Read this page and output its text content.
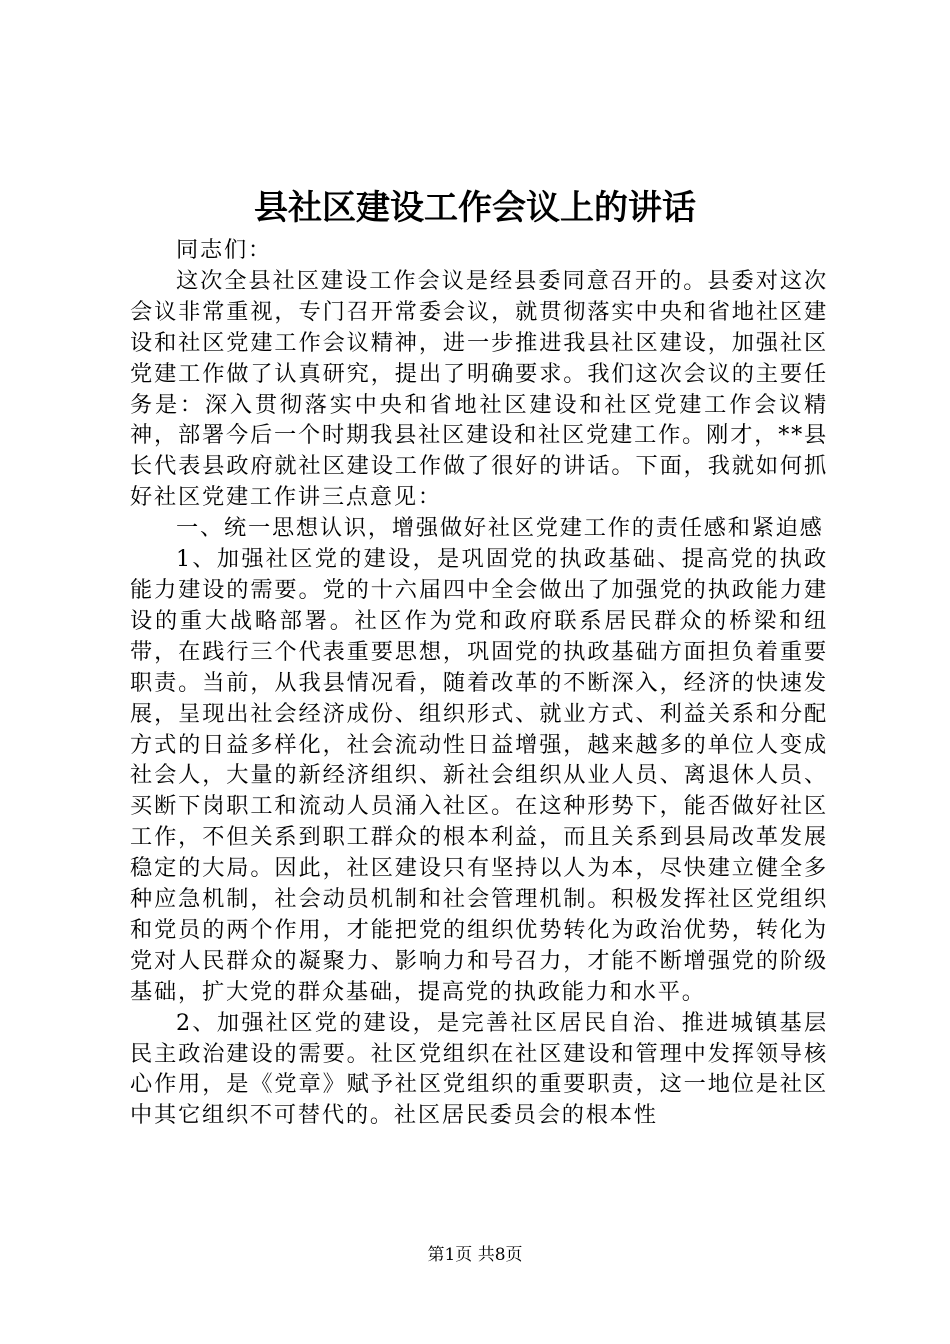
县社区建设工作会议上的讲话

同志们：

这次全县社区建设工作会议是经县委同意召开的。县委对这次会议非常重视，专门召开常委会议，就贯彻落实中央和省地社区建设和社区党建工作会议精神，进一步推进我县社区建设，加强社区党建工作做了认真研究，提出了明确要求。我们这次会议的主要任务是：深入贯彻落实中央和省地社区建设和社区党建工作会议精神，部署今后一个时期我县社区建设和社区党建工作。刚才，**县长代表县政府就社区建设工作做了很好的讲话。下面，我就如何抓好社区党建工作讲三点意见：

一、统一思想认识，增强做好社区党建工作的责任感和紧迫感

1、加强社区党的建设，是巩固党的执政基础、提高党的执政能力建设的需要。党的十六届四中全会做出了加强党的执政能力建设的重大战略部署。社区作为党和政府联系居民群众的桥梁和纽带，在践行三个代表重要思想，巩固党的执政基础方面担负着重要职责。当前，从我县情况看，随着改革的不断深入，经济的快速发展，呈现出社会经济成份、组织形式、就业方式、利益关系和分配方式的日益多样化，社会流动性日益增强，越来越多的单位人变成社会人，大量的新经济组织、新社会组织从业人员、离退休人员、买断下岗职工和流动人员涌入社区。在这种形势下，能否做好社区工作，不但关系到职工群众的根本利益，而且关系到县局改革发展稳定的大局。因此，社区建设只有坚持以人为本，尽快建立健全多种应急机制，社会动员机制和社会管理机制。积极发挥社区党组织和党员的两个作用，才能把党的组织优势转化为政治优势，转化为党对人民群众的凝聚力、影响力和号召力，才能不断增强党的阶级基础，扩大党的群众基础，提高党的执政能力和水平。

2、加强社区党的建设，是完善社区居民自治、推进城镇基层民主政治建设的需要。社区党组织在社区建设和管理中发挥领导核心作用，是《党章》赋予社区党组织的重要职责，这一地位是社区中其它组织不可替代的。社区居民委员会的根本性

第1页 共8页
